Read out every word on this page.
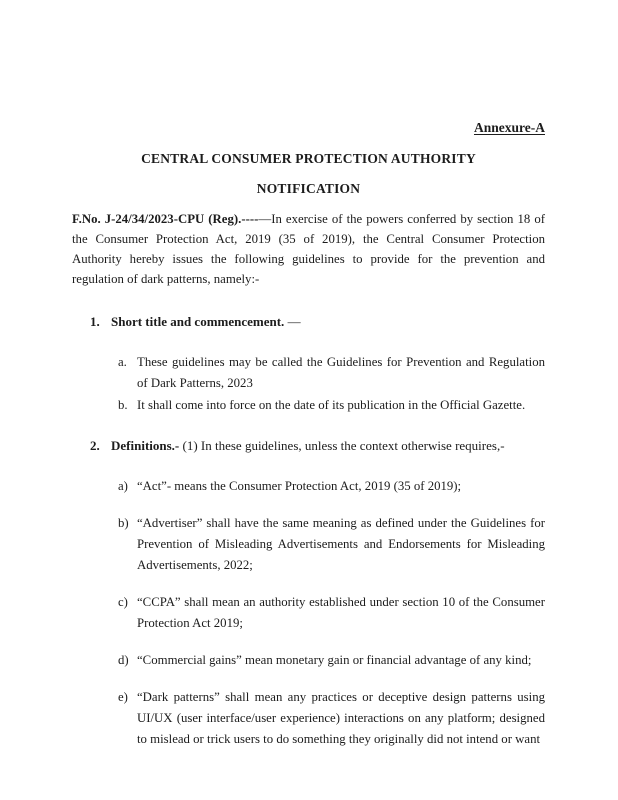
Annexure-A
CENTRAL CONSUMER PROTECTION AUTHORITY
NOTIFICATION

F.No. J-24/34/2023-CPU (Reg).----—In exercise of the powers conferred by section 18 of the Consumer Protection Act, 2019 (35 of 2019), the Central Consumer Protection Authority hereby issues the following guidelines to provide for the prevention and regulation of dark patterns, namely:-

1. Short title and commencement. —
a. These guidelines may be called the Guidelines for Prevention and Regulation of Dark Patterns, 2023
b. It shall come into force on the date of its publication in the Official Gazette.
2. Definitions.- (1) In these guidelines, unless the context otherwise requires,-
a) “Act”- means the Consumer Protection Act, 2019 (35 of 2019);
b) “Advertiser” shall have the same meaning as defined under the Guidelines for Prevention of Misleading Advertisements and Endorsements for Misleading Advertisements, 2022;
c) “CCPA” shall mean an authority established under section 10 of the Consumer Protection Act 2019;
d) “Commercial gains” mean monetary gain or financial advantage of any kind;
e) “Dark patterns” shall mean any practices or deceptive design patterns using UI/UX (user interface/user experience) interactions on any platform; designed to mislead or trick users to do something they originally did not intend or want
